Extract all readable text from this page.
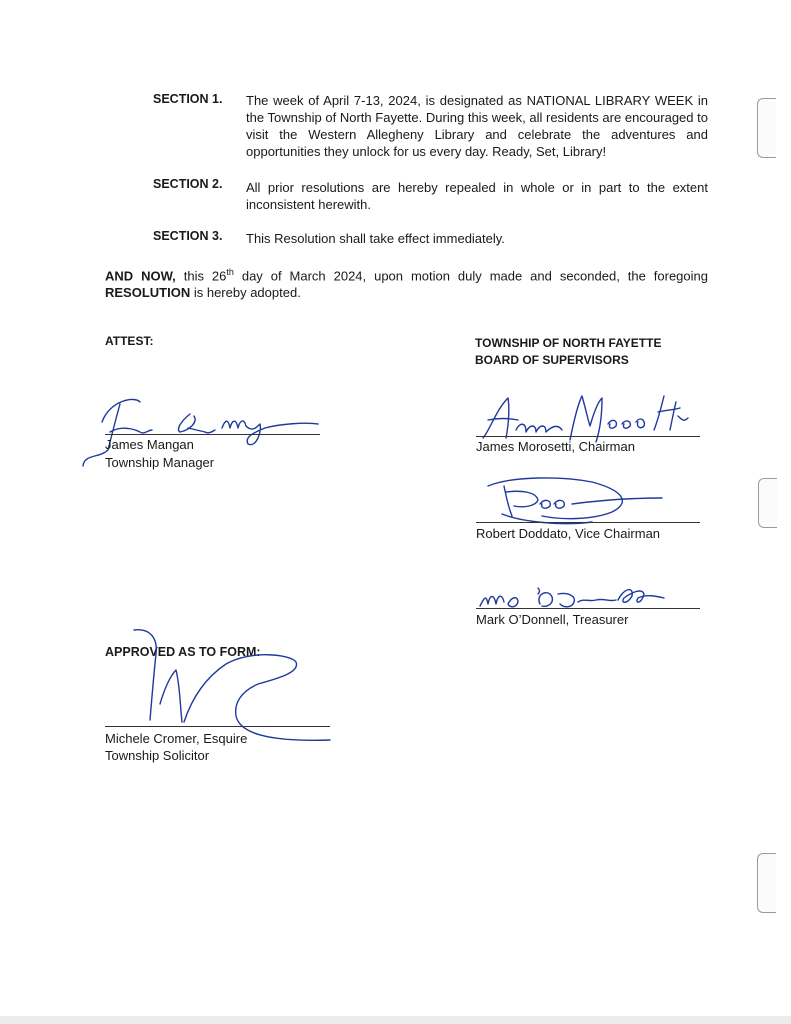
SECTION 1. The week of April 7-13, 2024, is designated as NATIONAL LIBRARY WEEK in the Township of North Fayette. During this week, all residents are encouraged to visit the Western Allegheny Library and celebrate the adventures and opportunities they unlock for us every day. Ready, Set, Library!
SECTION 2. All prior resolutions are hereby repealed in whole or in part to the extent inconsistent herewith.
SECTION 3. This Resolution shall take effect immediately.
AND NOW, this 26th day of March 2024, upon motion duly made and seconded, the foregoing RESOLUTION is hereby adopted.
ATTEST:
James Mangan
Township Manager
TOWNSHIP OF NORTH FAYETTE
BOARD OF SUPERVISORS
James Morosetti, Chairman
Robert Doddato, Vice Chairman
Mark O’Donnell, Treasurer
APPROVED AS TO FORM:
Michele Cromer, Esquire
Township Solicitor
